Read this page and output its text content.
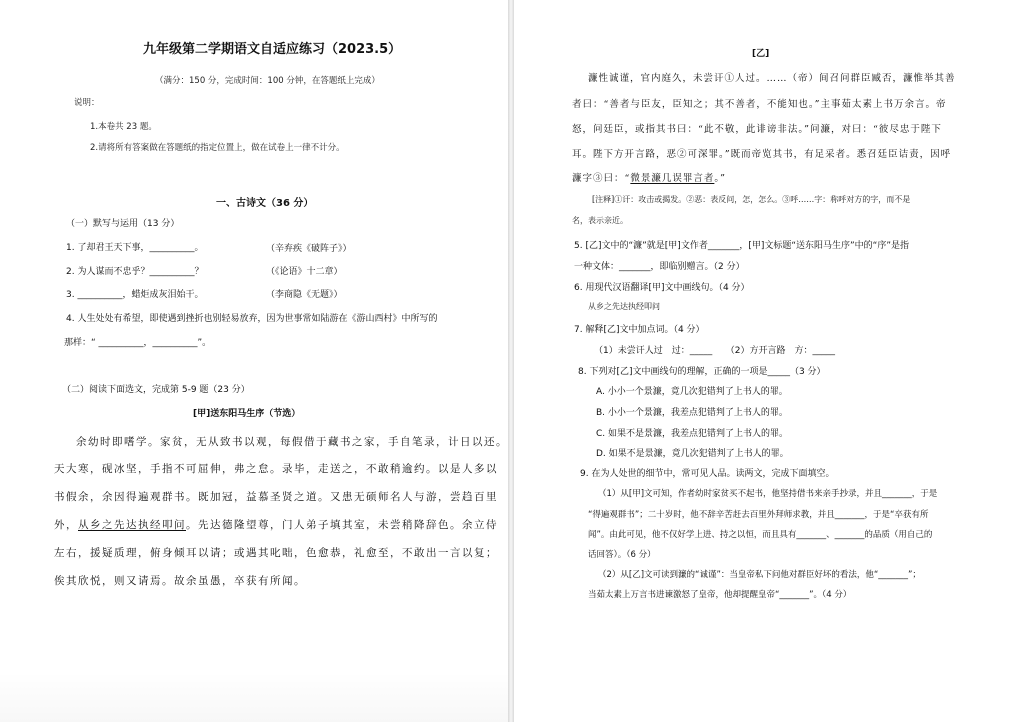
九年级第二学期语文自适应练习（2023.5）
（满分：150 分，完成时间：100 分钟，在答题纸上完成）
说明：
1.本卷共 23 题。
2.请将所有答案做在答题纸的指定位置上，做在试卷上一律不计分。
一、古诗文（36 分）
（一）默写与运用（13 分）
1. 了却君王天下事，__________。	（辛弃疾《破阵子》）
2. 为人谋而不忠乎？__________？	（《论语》十二章）
3. __________，蜡炬成灰泪始干。	（李商隐《无题》）
4. 人生处处有希望，即使遇到挫折也别轻易放弃，因为世事常如陆游在《游山西村》中所写的
那样：“ __________，__________”。
（二）阅读下面选文，完成第 5-9 题（23 分）
[甲]送东阳马生序（节选）
余幼时即嗜学。家贫，无从致书以观，每假借于藏书之家，手自笔录，计日以还。
天大寒，砚冰坚，手指不可屈伸，弗之怠。录毕，走送之，不敢稍逾约。以是人多以
书假余，余因得遍观群书。既加冠，益慕圣贤之道。又患无硕师名人与游，尝趋百里
外，从乡之先达执经叩问。先达德隆望尊，门人弟子填其室，未尝稍降辞色。余立侍
左右，援疑质理，俯身倾耳以请；或遇其叱咄，色愈恭，礼愈至，不敢出一言以复；
俟其欣悦，则又请焉。故余虽愚，卒获有所闻。
[乙]
濂性诚谨，官内庭久，未尝讦①人过。……（帝）间召问群臣臧否，濂惟举其善
者曰：“善者与臣友，臣知之；其不善者，不能知也。”主事茹太素上书万余言。帝
怒，问廷臣，或指其书曰：“此不敬，此诽谤非法。”问濂，对曰：“彼尽忠于陛下
耳。陛下方开言路，恶②可深罪。”既而帝览其书，有足采者。悉召廷臣诘责，因呼
濂字③曰：“微景濂几误罪言者。”
[注释]①讦：攻击或揭发。②恶：表反问，怎，怎么。③呼……字：称呼对方的字，而不是
名，表示亲近。
5. [乙]文中的“濂”就是[甲]文作者_______，[甲]文标题“送东阳马生序”中的“序”是指
一种文体：_______，即临别赠言。（2 分）
6. 用现代汉语翻译[甲]文中画线句。（4 分）
从乡之先达执经叩问
7. 解释[乙]文中加点词。（4 分）
（1）未尝讦人过　过：_____　　（2）方开言路　方：_____
8. 下列对[乙]文中画线句的理解，正确的一项是_____（3 分）
A. 小小一个景濂，竟几次犯错判了上书人的罪。
B. 小小一个景濂，我差点犯错判了上书人的罪。
C. 如果不是景濂，我差点犯错判了上书人的罪。
D. 如果不是景濂，竟几次犯错判了上书人的罪。
9. 在为人处世的细节中，常可见人品。读两文，完成下面填空。
（1）从[甲]文可知，作者幼时家贫买不起书，他坚持借书来亲手抄录，并且_______，于是
“得遍观群书”；二十岁时，他不辞辛苦赶去百里外拜师求教，并且_______，于是“卒获有所
闻”。由此可见，他不仅好学上进、持之以恒，而且具有_______、_______的品质（用自己的
话回答）。（6 分）
（2）从[乙]文可读到濂的“诚谨”：当皇帝私下问他对群臣好坏的看法，他“_______”；
当茹太素上万言书进谏激怒了皇帝，他却提醒皇帝“_______”。（4 分）
